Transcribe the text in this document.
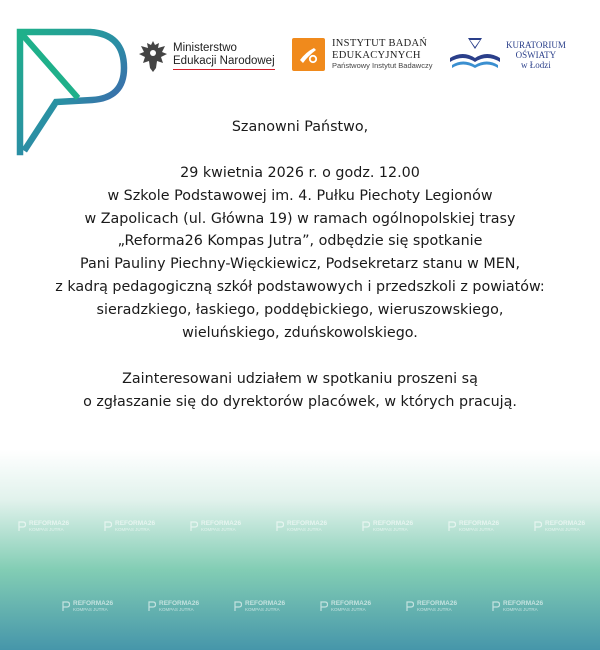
Ministerstwo
Edukacji Narodowej
INSTYTUT BADAŃ
EDUKACYJNYCH
Państwowy Instytut Badawczy
KURATORIUM
OŚWIATY
w Łodzi

Szanowni Państwo,

29 kwietnia 2026 r. o godz. 12.00
w Szkole Podstawowej im. 4. Pułku Piechoty Legionów
w Zapolicach (ul. Główna 19) w ramach ogólnopolskiej trasy
„Reforma26 Kompas Jutra”, odbędzie się spotkanie
Pani Pauliny Piechny-Więckiewicz, Podsekretarz stanu w MEN,
z kadrą pedagogiczną szkół podstawowych i przedszkoli z powiatów:
sieradzkiego, łaskiego, poddębickiego, wieruszowskiego,
wieluńskiego, zduńskowolskiego.
Zainteresowani udziałem w spotkaniu proszeni są
o zgłaszanie się do dyrektorów placówek, w których pracują.
REFORMA26
KOMPAS JUTRA
REFORMA26
KOMPAS JUTRA
REFORMA26
KOMPAS JUTRA
REFORMA26
KOMPAS JUTRA
REFORMA26
KOMPAS JUTRA
REFORMA26
KOMPAS JUTRA
REFORMA26
KOMPAS JUTRA
REFORMA26
KOMPAS JUTRA
REFORMA26
KOMPAS JUTRA
REFORMA26
KOMPAS JUTRA
REFORMA26
KOMPAS JUTRA
REFORMA26
KOMPAS JUTRA
REFORMA26
KOMPAS JUTRA
